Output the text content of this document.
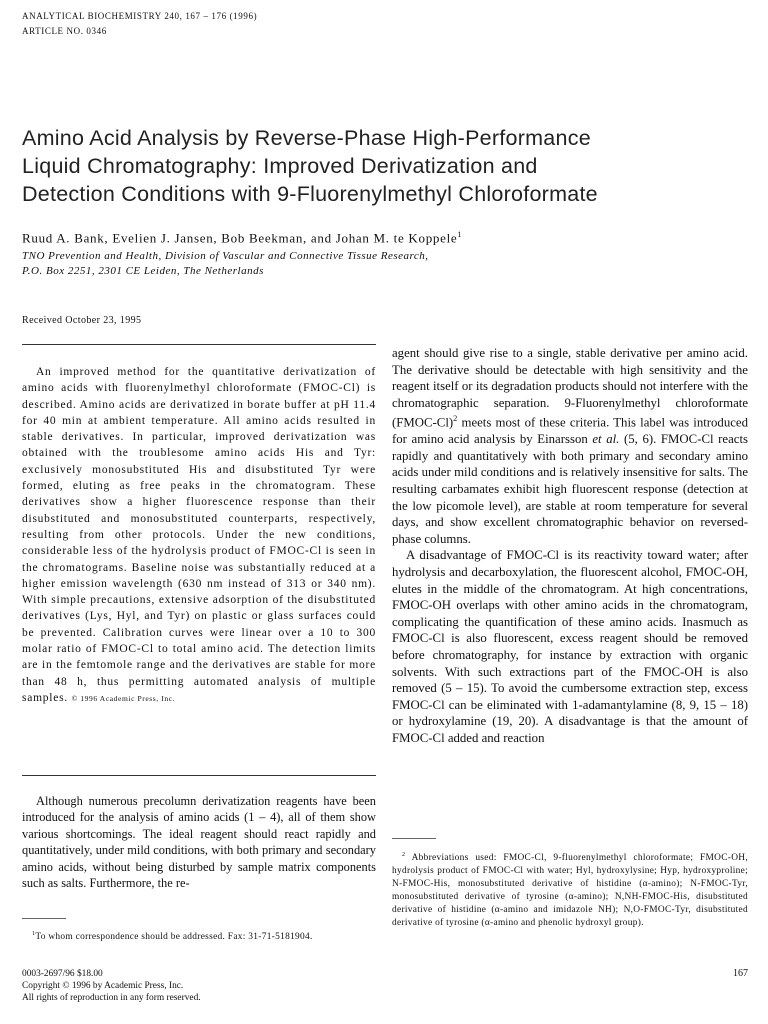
ANALYTICAL BIOCHEMISTRY 240, 167 – 176 (1996)
ARTICLE NO. 0346
Amino Acid Analysis by Reverse-Phase High-Performance
Liquid Chromatography: Improved Derivatization and
Detection Conditions with 9-Fluorenylmethyl Chloroformate
Ruud A. Bank, Evelien J. Jansen, Bob Beekman, and Johan M. te Koppele$^1$
TNO Prevention and Health, Division of Vascular and Connective Tissue Research,
P.O. Box 2251, 2301 CE Leiden, The Netherlands
Received October 23, 1995
An improved method for the quantitative derivatization of amino acids with fluorenylmethyl chloroformate (FMOC-Cl) is described. Amino acids are derivatized in borate buffer at pH 11.4 for 40 min at ambient temperature. All amino acids resulted in stable derivatives. In particular, improved derivatization was obtained with the troublesome amino acids His and Tyr: exclusively monosubstituted His and disubstituted Tyr were formed, eluting as free peaks in the chromatogram. These derivatives show a higher fluorescence response than their disubstituted and monosubstituted counterparts, respectively, resulting from other protocols. Under the new conditions, considerable less of the hydrolysis product of FMOC-Cl is seen in the chromatograms. Baseline noise was substantially reduced at a higher emission wavelength (630 nm instead of 313 or 340 nm). With simple precautions, extensive adsorption of the disubstituted derivatives (Lys, Hyl, and Tyr) on plastic or glass surfaces could be prevented. Calibration curves were linear over a 10 to 300 molar ratio of FMOC-Cl to total amino acid. The detection limits are in the femtomole range and the derivatives are stable for more than 48 h, thus permitting automated analysis of multiple samples. © 1996 Academic Press, Inc.

Although numerous precolumn derivatization reagents have been introduced for the analysis of amino acids (1 – 4), all of them show various shortcomings. The ideal reagent should react rapidly and quantitatively, under mild conditions, with both primary and secondary amino acids, without being disturbed by sample matrix components such as salts. Furthermore, the re-

$^1$To whom correspondence should be addressed. Fax: 31-71-5181904.

agent should give rise to a single, stable derivative per amino acid. The derivative should be detectable with high sensitivity and the reagent itself or its degradation products should not interfere with the chromatographic separation. 9-Fluorenylmethyl chloroformate (FMOC-Cl)$^2$ meets most of these criteria. This label was introduced for amino acid analysis by Einarsson et al. (5, 6). FMOC-Cl reacts rapidly and quantitatively with both primary and secondary amino acids under mild conditions and is relatively insensitive for salts. The resulting carbamates exhibit high fluorescent response (detection at the low picomole level), are stable at room temperature for several days, and show excellent chromatographic behavior on reversed-phase columns.

A disadvantage of FMOC-Cl is its reactivity toward water; after hydrolysis and decarboxylation, the fluorescent alcohol, FMOC-OH, elutes in the middle of the chromatogram. At high concentrations, FMOC-OH overlaps with other amino acids in the chromatogram, complicating the quantification of these amino acids. Inasmuch as FMOC-Cl is also fluorescent, excess reagent should be removed before chromatography, for instance by extraction with organic solvents. With such extractions part of the FMOC-OH is also removed (5 – 15). To avoid the cumbersome extraction step, excess FMOC-Cl can be eliminated with 1-adamantylamine (8, 9, 15 – 18) or hydroxylamine (19, 20). A disadvantage is that the amount of FMOC-Cl added and reaction

$^2$ Abbreviations used: FMOC-Cl, 9-fluorenylmethyl chloroformate; FMOC-OH, hydrolysis product of FMOC-Cl with water; Hyl, hydroxylysine; Hyp, hydroxyproline; N-FMOC-His, monosubstituted derivative of histidine (α-amino); N-FMOC-Tyr, monosubstituted derivative of tyrosine (α-amino); N,NH-FMOC-His, disubstituted derivative of histidine (α-amino and imidazole NH); N,O-FMOC-Tyr, disubstituted derivative of tyrosine (α-amino and phenolic hydroxyl group).

0003-2697/96 $18.00
Copyright © 1996 by Academic Press, Inc.
All rights of reproduction in any form reserved.
167
